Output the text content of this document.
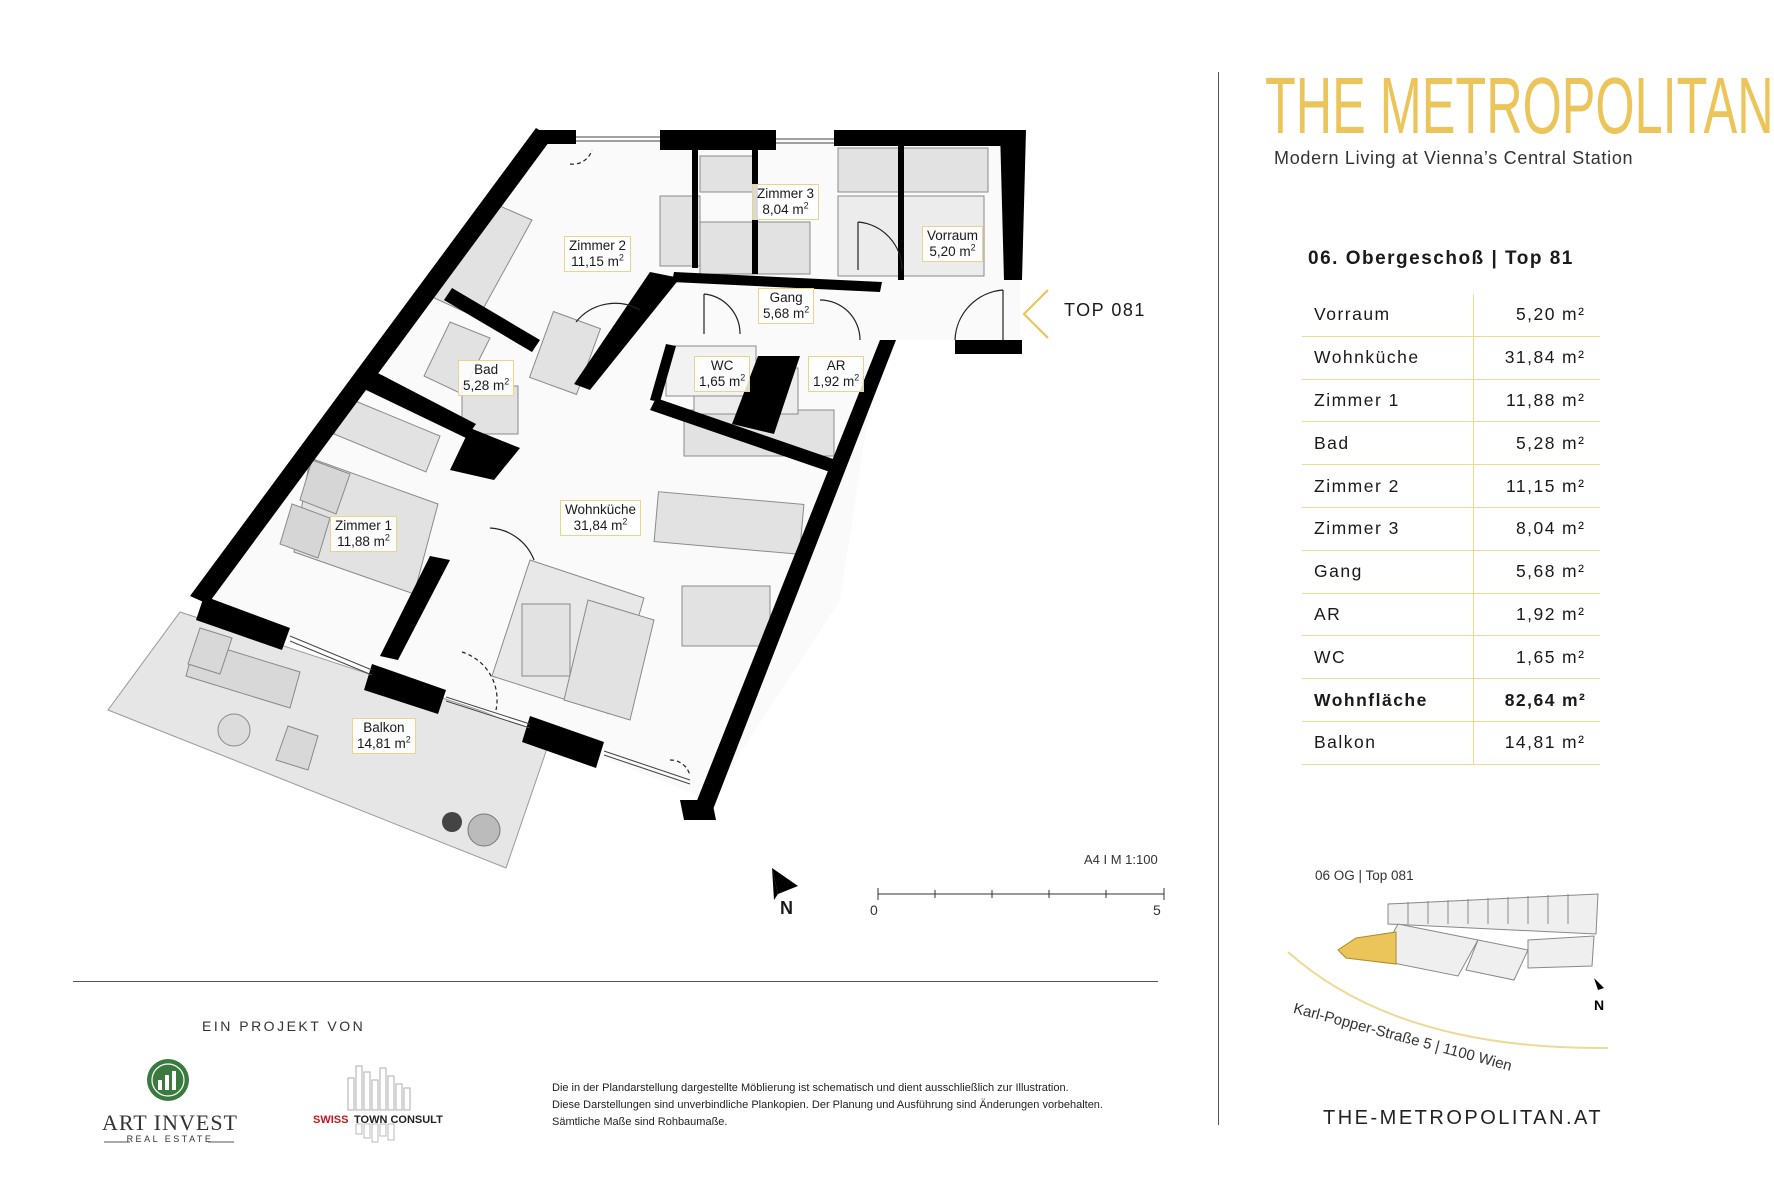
Zimmer 3
8,04 $m^2$
Zimmer 2
11,15 $m^2$
Vorraum
5,20 $m^2$
Gang
5,68 $m^2$
Bad
5,28 $m^2$
WC
1,65 $m^2$
AR
1,92 $m^2$
Wohnküche
31,84 $m^2$
Zimmer 1
11,88 $m^2$
Balkon
14,81 $m^2$
TOP 081
A4 I M 1:100
0	5
N
EIN PROJEKT VON
ART INVEST
REAL ESTATE
SWISS TOWN CONSULT
Die in der Plandarstellung dargestellte Möblierung ist schematisch und dient ausschließlich zur Illustration.
Diese Darstellungen sind unverbindliche Plankopien. Der Planung und Ausführung sind Änderungen vorbehalten.
Sämtliche Maße sind Rohbaumaße.
THE METROPOLITAN
Modern Living at Vienna’s Central Station
06. Obergeschoß | Top 81
Vorraum	5,20	m²
Wohnküche	31,84	m²
Zimmer 1	11,88	m²
Bad	5,28	m²
Zimmer 2	11,15	m²
Zimmer 3	8,04	m²
Gang	5,68	m²
AR	1,92	m²
WC	1,65	m²
Wohnfläche	82,64	m²
Balkon	14,81	m²
06 OG | Top 081
N
Karl-Popper-Straße 5 | 1100 Wien
THE-METROPOLITAN.AT
